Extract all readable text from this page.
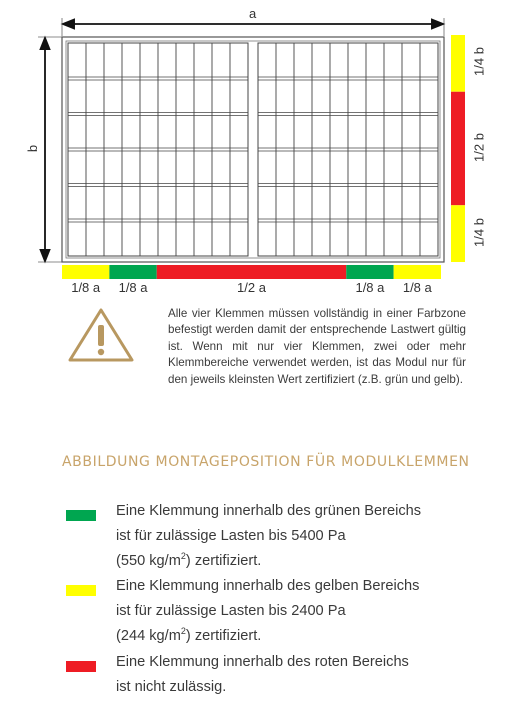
a
b
1/8 a	1/8 a	1/2 a	1/8 a	1/8 a
1/4 b
1/2 b
1/4 b
Alle vier Klemmen müssen vollständig in einer Farbzone befestigt werden damit der entsprechende Lastwert gültig ist. Wenn mit nur vier Klemmen, zwei oder mehr Klemmbereiche verwendet werden, ist das Modul nur für den jeweils kleinsten Wert zertifiziert (z.B. grün und gelb).
ABBILDUNG MONTAGEPOSITION FÜR MODULKLEMMEN
Eine Klemmung innerhalb des grünen Bereichs
ist für zulässige Lasten bis 5400 Pa
(550 $kg/m^2$) zertifiziert.
Eine Klemmung innerhalb des gelben Bereichs
ist für zulässige Lasten bis 2400 Pa
(244 $kg/m^2$) zertifiziert.
Eine Klemmung innerhalb des roten Bereichs
ist nicht zulässig.
